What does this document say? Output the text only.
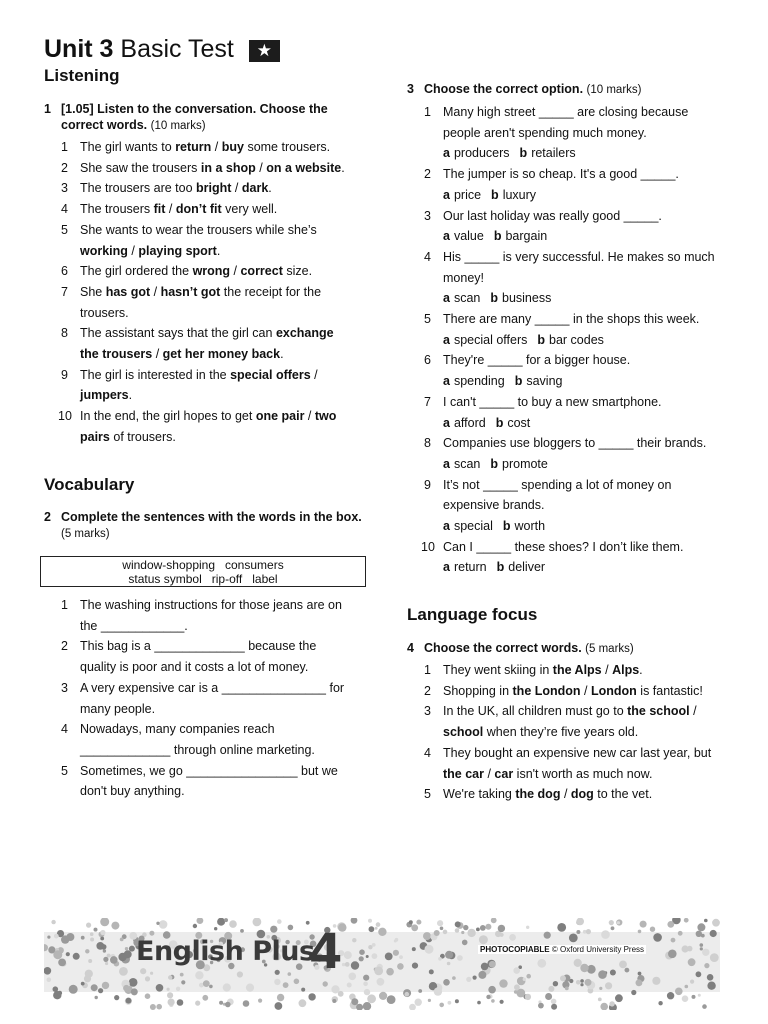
Unit 3 Basic Test ★
Listening
1 [1.05] Listen to the conversation. Choose the correct words. (10 marks)
1 The girl wants to return / buy some trousers.
2 She saw the trousers in a shop / on a website.
3 The trousers are too bright / dark.
4 The trousers fit / don’t fit very well.
5 She wants to wear the trousers while she’s
working / playing sport.
6 The girl ordered the wrong / correct size.
7 She has got / hasn’t got the receipt for the
trousers.
8 The assistant says that the girl can exchange
the trousers / get her money back.
9 The girl is interested in the special offers /
jumpers.
10 In the end, the girl hopes to get one pair / two
pairs of trousers.
Vocabulary
2 Complete the sentences with the words in the box. (5 marks)
window-shopping   consumers
status symbol   rip-off   label
1 The washing instructions for those jeans are on
the ____________.
2 This bag is a _____________ because the
quality is poor and it costs a lot of money.
3 A very expensive car is a _______________ for
many people.
4 Nowadays, many companies reach
_____________ through online marketing.
5 Sometimes, we go ________________ but we
don't buy anything.
3 Choose the correct option. (10 marks)
1 Many high street _____ are closing because
people aren't spending much money.
a producers b retailers
2 The jumper is so cheap. It's a good _____.
a price b luxury
3 Our last holiday was really good _____.
a value b bargain
4 His _____ is very successful. He makes so much
money!
a scan b business
5 There are many _____ in the shops this week.
a special offers b bar codes
6 They're _____ for a bigger house.
a spending b saving
7 I can't _____ to buy a new smartphone.
a afford b cost
8 Companies use bloggers to _____ their brands.
a scan b promote
9 It’s not _____ spending a lot of money on
expensive brands.
a special b worth
10 Can I _____ these shoes? I don’t like them.
a return b deliver
Language focus
4 Choose the correct words. (5 marks)
1 They went skiing in the Alps / Alps.
2 Shopping in the London / London is fantastic!
3 In the UK, all children must go to the school /
school when they’re five years old.
4 They bought an expensive new car last year, but
the car / car isn't worth as much now.
5 We're taking the dog / dog to the vet.
English Plus
4	PHOTOCOPIABLE © Oxford University Press
